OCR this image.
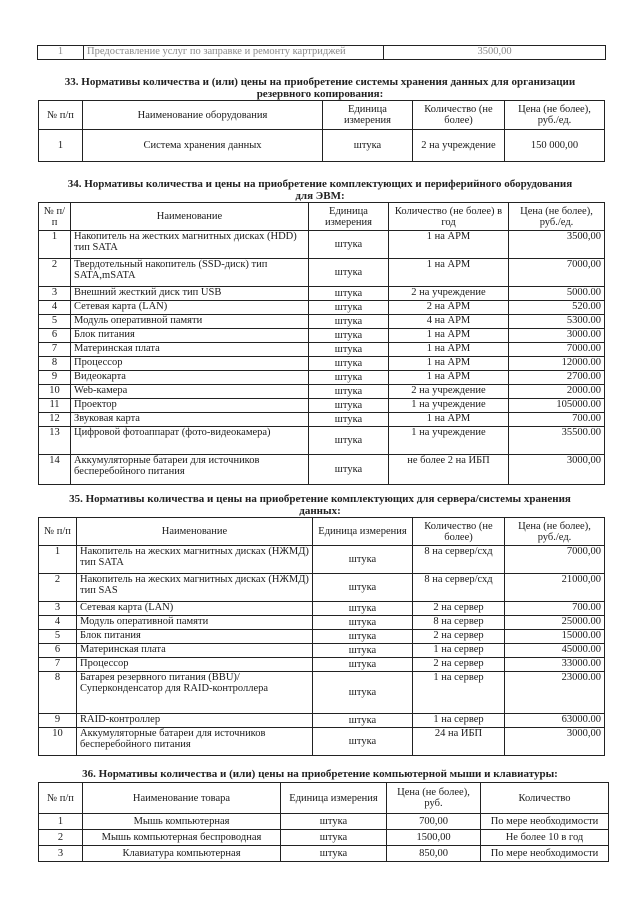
1	Предоставление услуг по заправке и ремонту картриджей	3500,00
33. Нормативы количества и (или) цены на приобретение системы хранения данных для организации
резервного копирования:
№ п/п	Наименование оборудования	Единица измерения	Количество (не более)	Цена (не более), руб./ед.
1	Система хранения данных	штука	2 на учреждение	150 000,00
34. Нормативы количества и цены на приобретение комплектующих и периферийного оборудования
для ЭВМ:
№ п/п	Наименование	Единица измерения	Количество (не более) в год	Цена (не более), руб./ед.
1	Накопитель на жестких магнитных дисках (HDD) тип SATA	штука	1 на АРМ	3500,00
2	Твердотельный накопитель (SSD-диск) тип SATA,mSATA	штука	1 на АРМ	7000,00
3	Внешний жесткий диск тип USB	штука	2 на учреждение	5000.00
4	Сетевая карта (LAN)	штука	2 на АРМ	520.00
5	Модуль оперативной памяти	штука	4 на АРМ	5300.00
6	Блок питания	штука	1 на АРМ	3000.00
7	Материнская плата	штука	1 на АРМ	7000.00
8	Процессор	штука	1 на АРМ	12000.00
9	Видеокарта	штука	1 на АРМ	2700.00
10	Web-камера	штука	2 на учреждение	2000.00
11	Проектор	штука	1 на учреждение	105000.00
12	Звуковая карта	штука	1 на АРМ	700.00
13	Цифровой фотоаппарат (фото-видеокамера)	штука	1 на учреждение	35500.00
14	Аккумуляторные батареи для источников бесперебойного питания	штука	не более 2 на ИБП	3000,00
35. Нормативы количества и цены на приобретение комплектующих для сервера/системы хранения
данных:
№ п/п	Наименование	Единица измерения	Количество (не более)	Цена (не более), руб./ед.
1	Накопитель на жеских магнитных дисках (НЖМД) тип SATA	штука	8 на сервер/схд	7000,00
2	Накопитель на жеских магнитных дисках (НЖМД) тип SAS	штука	8 на сервер/схд	21000,00
3	Сетевая карта (LAN)	штука	2 на сервер	700.00
4	Модуль оперативной памяти	штука	8 на сервер	25000.00
5	Блок питания	штука	2 на сервер	15000.00
6	Материнская плата	штука	1 на сервер	45000.00
7	Процессор	штука	2 на сервер	33000.00
8	Батарея резервного питания (BBU)/Суперконденсатор для RAID-контроллера	штука	1 на сервер	23000.00
9	RAID-контроллер	штука	1 на сервер	63000.00
10	Аккумуляторные батареи для источников бесперебойного питания	штука	24 на ИБП	3000,00
36. Нормативы количества и (или) цены на приобретение компьютерной мыши и клавиатуры:
№ п/п	Наименование товара	Единица измерения	Цена (не более), руб.	Количество
1	Мышь компьютерная	штука	700,00	По мере необходимости
2	Мышь компьютерная беспроводная	штука	1500,00	Не более 10 в год
3	Клавиатура компьютерная	штука	850,00	По мере необходимости
